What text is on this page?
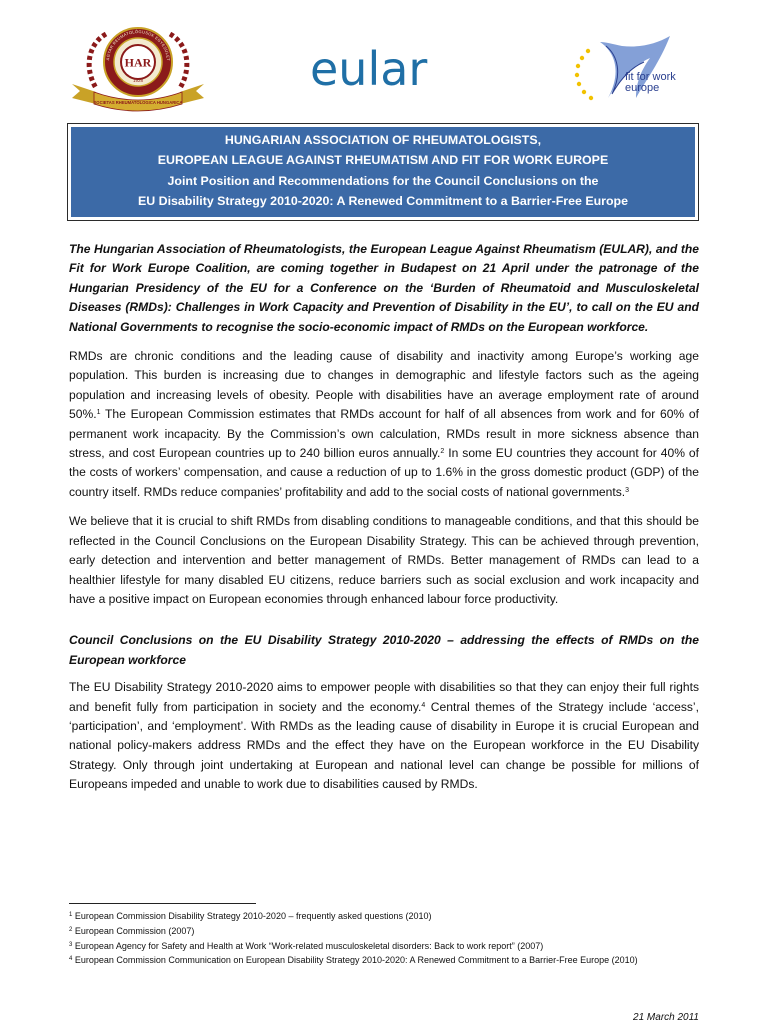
HAR
1928
AGYAR REUMATOLÓGUSOK EGYESÜLET
SOCIETAS RHEUMATOLOGICA HUNGARICA
eular	fit for work
europe
HUNGARIAN ASSOCIATION OF RHEUMATOLOGISTS,
EUROPEAN LEAGUE AGAINST RHEUMATISM AND FIT FOR WORK EUROPE
Joint Position and Recommendations for the Council Conclusions on the
EU Disability Strategy 2010-2020: A Renewed Commitment to a Barrier-Free Europe

The Hungarian Association of Rheumatologists, the European League Against Rheumatism (EULAR), and the Fit for Work Europe Coalition, are coming together in Budapest on 21 April under the patronage of the Hungarian Presidency of the EU for a Conference on the ‘Burden of Rheumatoid and Musculoskeletal Diseases (RMDs): Challenges in Work Capacity and Prevention of Disability in the EU’, to call on the EU and National Governments to recognise the socio-economic impact of RMDs on the European workforce.

RMDs are chronic conditions and the leading cause of disability and inactivity among Europe’s working age population. This burden is increasing due to changes in demographic and lifestyle factors such as the ageing population and increasing levels of obesity. People with disabilities have an average employment rate of around 50%.$^1$ The European Commission estimates that RMDs account for half of all absences from work and for 60% of permanent work incapacity. By the Commission’s own calculation, RMDs result in more sickness absence than stress, and cost European countries up to 240 billion euros annually.$^2$ In some EU countries they account for 40% of the costs of workers’ compensation, and cause a reduction of up to 1.6% in the gross domestic product (GDP) of the country itself. RMDs reduce companies’ profitability and add to the social costs of national governments.$^3$

We believe that it is crucial to shift RMDs from disabling conditions to manageable conditions, and that this should be reflected in the Council Conclusions on the European Disability Strategy. This can be achieved through prevention, early detection and intervention and better management of RMDs. Better management of RMDs can lead to a healthier lifestyle for many disabled EU citizens, reduce barriers such as social exclusion and work incapacity and have a positive impact on European economies through enhanced labour force productivity.

Council Conclusions on the EU Disability Strategy 2010-2020 – addressing the effects of RMDs on the European workforce

The EU Disability Strategy 2010-2020 aims to empower people with disabilities so that they can enjoy their full rights and benefit fully from participation in society and the economy.$^4$ Central themes of the Strategy include ‘access’, ‘participation’, and ‘employment’. With RMDs as the leading cause of disability in Europe it is crucial European and national policy-makers address RMDs and the effect they have on the European workforce in the EU Disability Strategy. Only through joint undertaking at European and national level can change be possible for millions of Europeans impeded and unable to work due to disabilities caused by RMDs.

$^1$ European Commission Disability Strategy 2010-2020 – frequently asked questions (2010)
$^2$ European Commission (2007)
$^3$ European Agency for Safety and Health at Work “Work-related musculoskeletal disorders: Back to work report” (2007)
$^4$ European Commission Communication on European Disability Strategy 2010-2020: A Renewed Commitment to a Barrier-Free Europe (2010)
21 March 2011
